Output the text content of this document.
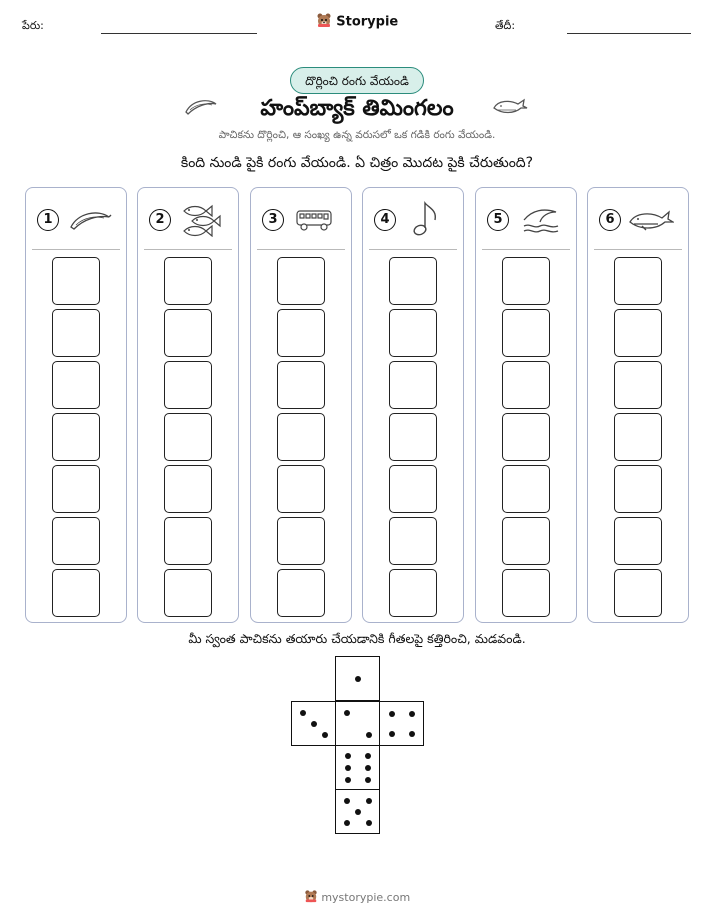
పేరు:	Storypie	తేదీ:
దొర్లించి రంగు వేయండి
హంప్‌బ్యాక్ తిమింగలం
పాచికను దొర్లించి, ఆ సంఖ్య ఉన్న వరుసలో ఒక గడికి రంగు వేయండి.
కింది నుండి పైకి రంగు వేయండి. ఏ చిత్రం మొదట పైకి చేరుతుంది?
1	2	3	4	5	6
మీ స్వంత పాచికను తయారు చేయడానికి గీతలపై కత్తిరించి, మడవండి.
mystorypie.com
